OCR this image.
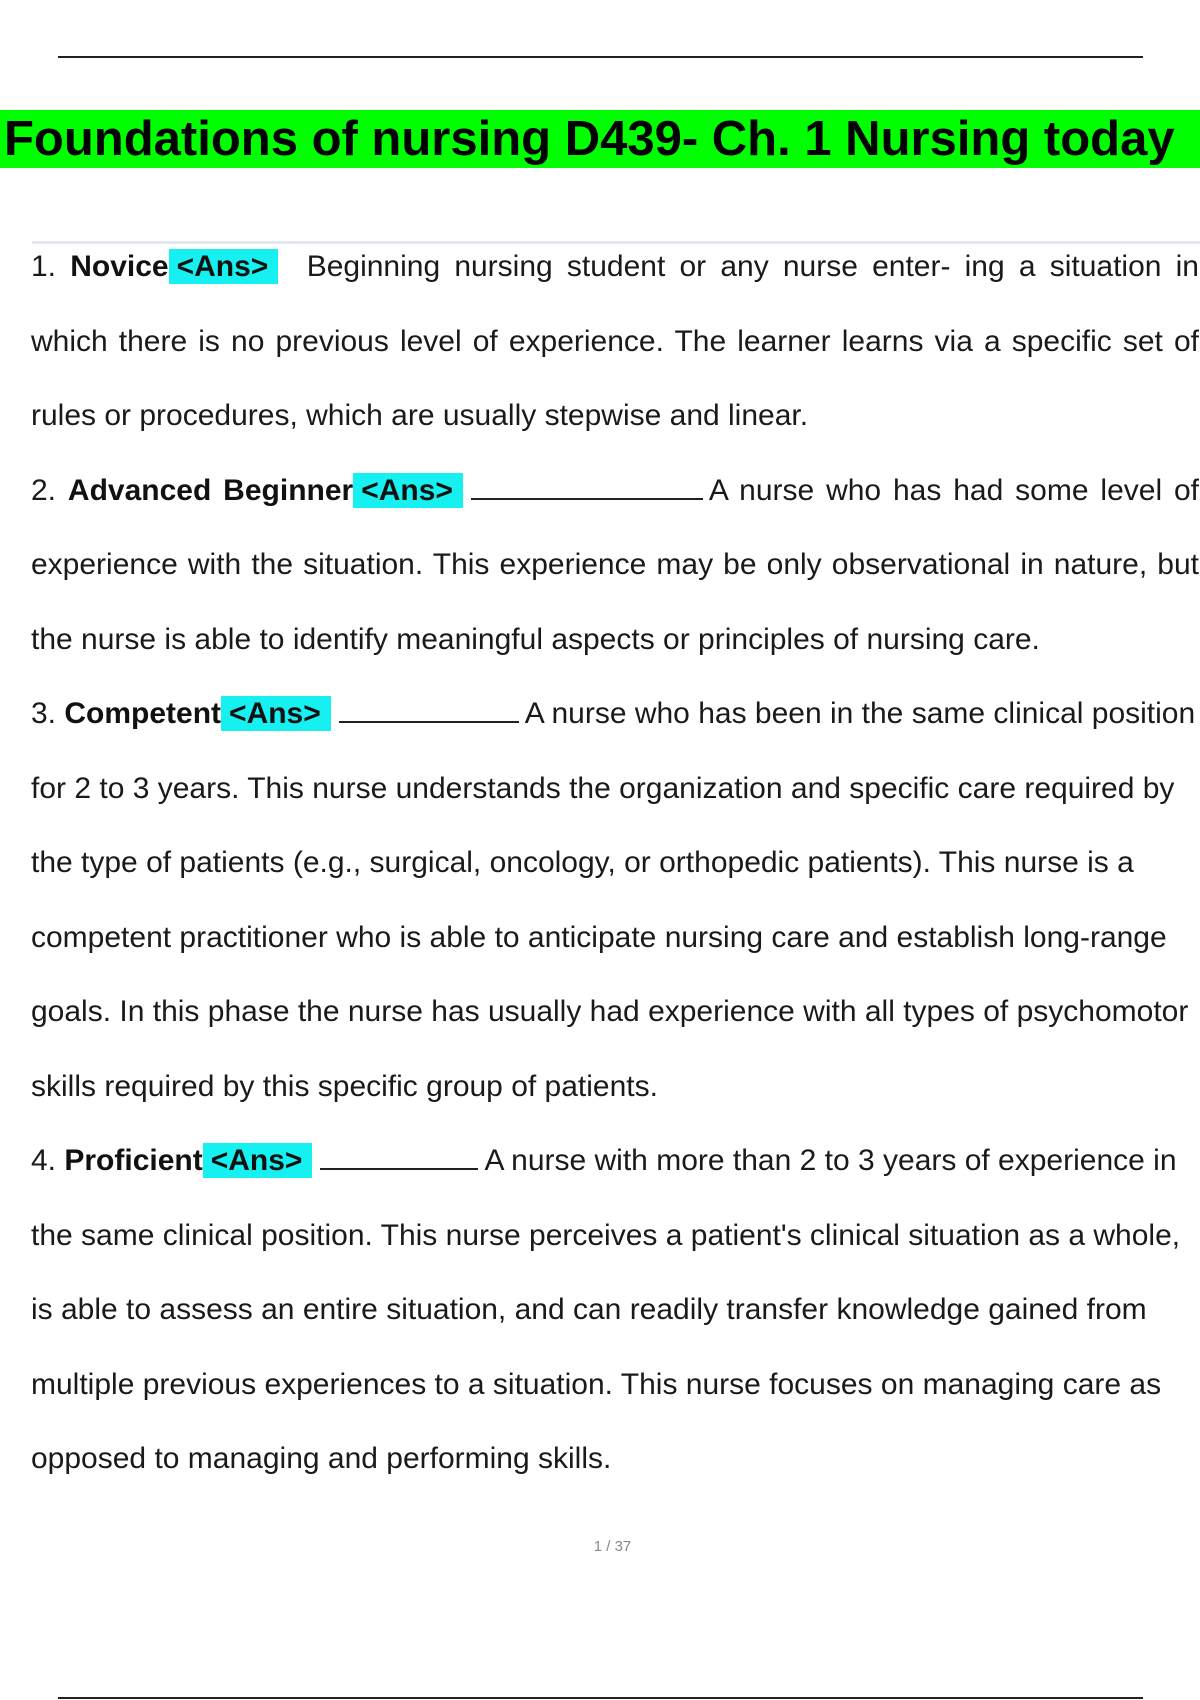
Foundations of nursing D439- Ch. 1 Nursing today

1. Novice <Ans> Beginning nursing student or any nurse enter- ing a situation in which there is no previous level of experience. The learner learns via a specific set of rules or procedures, which are usually stepwise and linear.

2. Advanced Beginner <Ans>	A nurse who has had some level of experience with the situation. This experience may be only observational in nature, but the nurse is able to identify meaningful aspects or principles of nursing care.

3. Competent <Ans>	A nurse who has been in the same clinical position for 2 to 3 years. This nurse understands the organization and specific care required by the type of patients (e.g., surgical, oncology, or orthopedic patients). This nurse is a competent practitioner who is able to anticipate nursing care and establish long-range goals. In this phase the nurse has usually had experience with all types of psychomotor skills required by this specific group of patients.

4. Proficient <Ans>	A nurse with more than 2 to 3 years of experience in the same clinical position. This nurse perceives a patient's clinical situation as a whole, is able to assess an entire situation, and can readily transfer knowledge gained from multiple previous experiences to a situation. This nurse focuses on managing care as opposed to managing and performing skills.

1 / 37
